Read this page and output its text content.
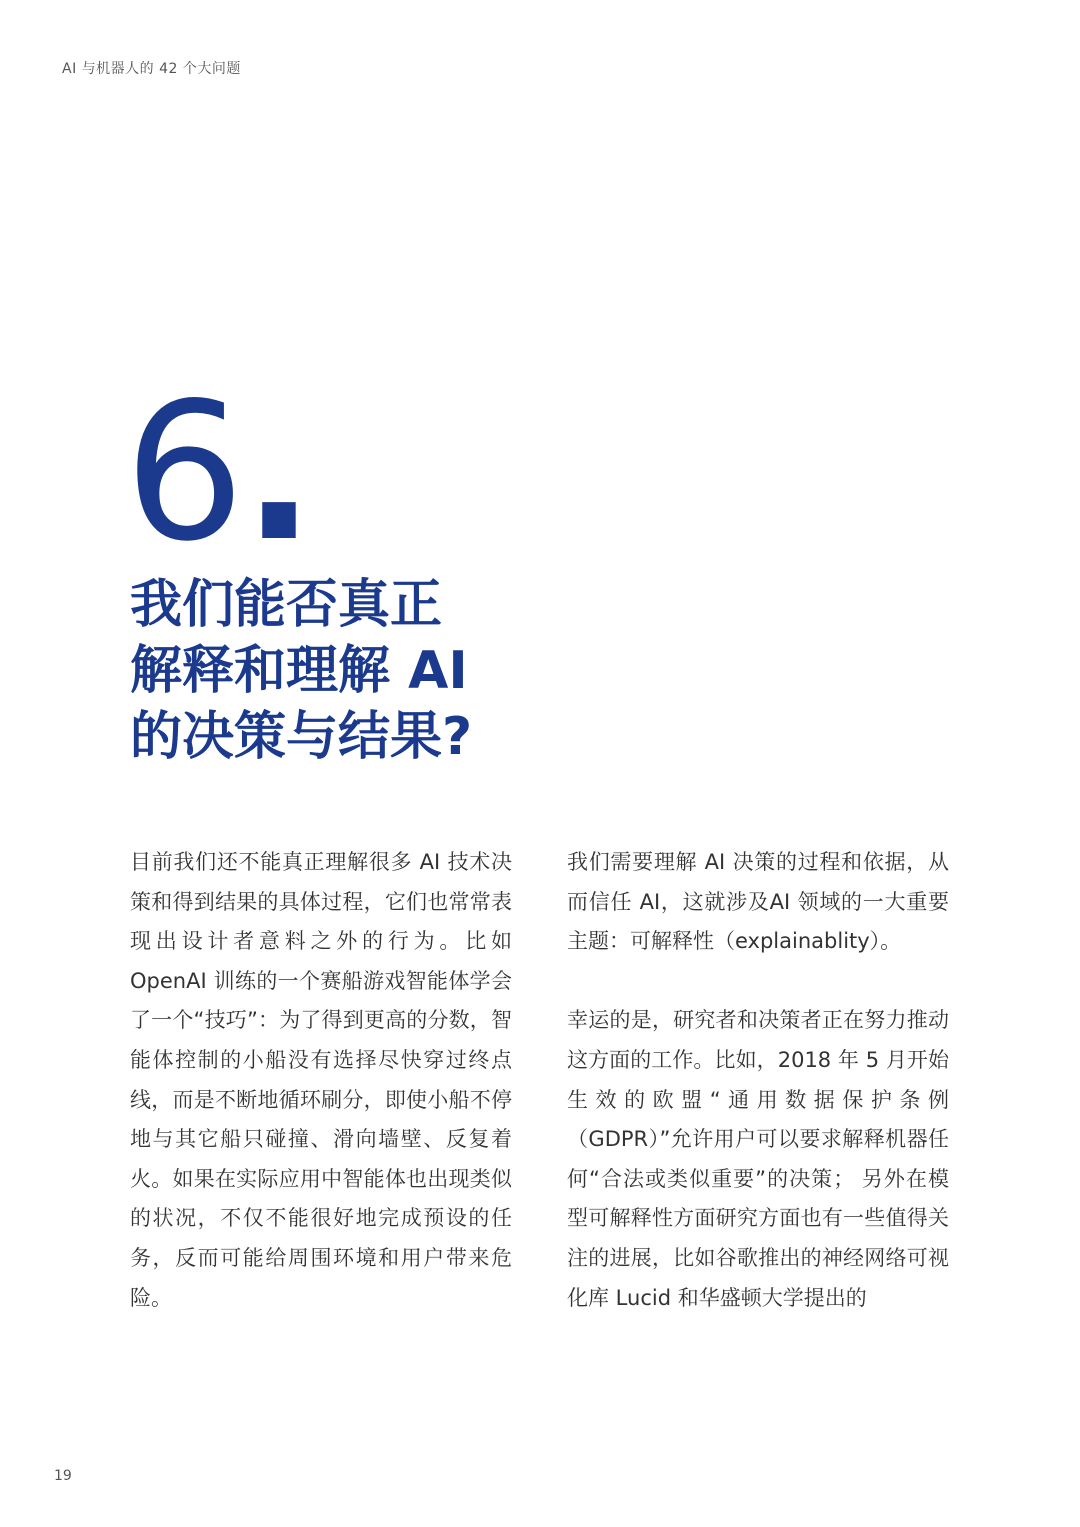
AI 与机器人的 42 个大问题
6.
我们能否真正
解释和理解 AI
的决策与结果?

目前我们还不能真正理解很多 AI 技术决策和得到结果的具体过程，它们也常常表现出设计者意料之外的行为。比如 OpenAI 训练的一个赛船游戏智能体学会了一个“技巧”：为了得到更高的分数，智能体控制的小船没有选择尽快穿过终点线，而是不断地循环刷分，即使小船不停地与其它船只碰撞、滑向墙壁、反复着火。如果在实际应用中智能体也出现类似的状况，不仅不能很好地完成预设的任务，反而可能给周围环境和用户带来危险。

我们需要理解 AI 决策的过程和依据，从而信任 AI，这就涉及AI 领域的一大重要主题：可解释性（explainablity）。

幸运的是，研究者和决策者正在努力推动这方面的工作。比如，2018 年 5 月开始生效的欧盟“通用数据保护条例（GDPR）”允许用户可以要求解释机器任何“合法或类似重要”的决策； 另外在模型可解释性方面研究方面也有一些值得关注的进展，比如谷歌推出的神经网络可视化库 Lucid 和华盛顿大学提出的

19
